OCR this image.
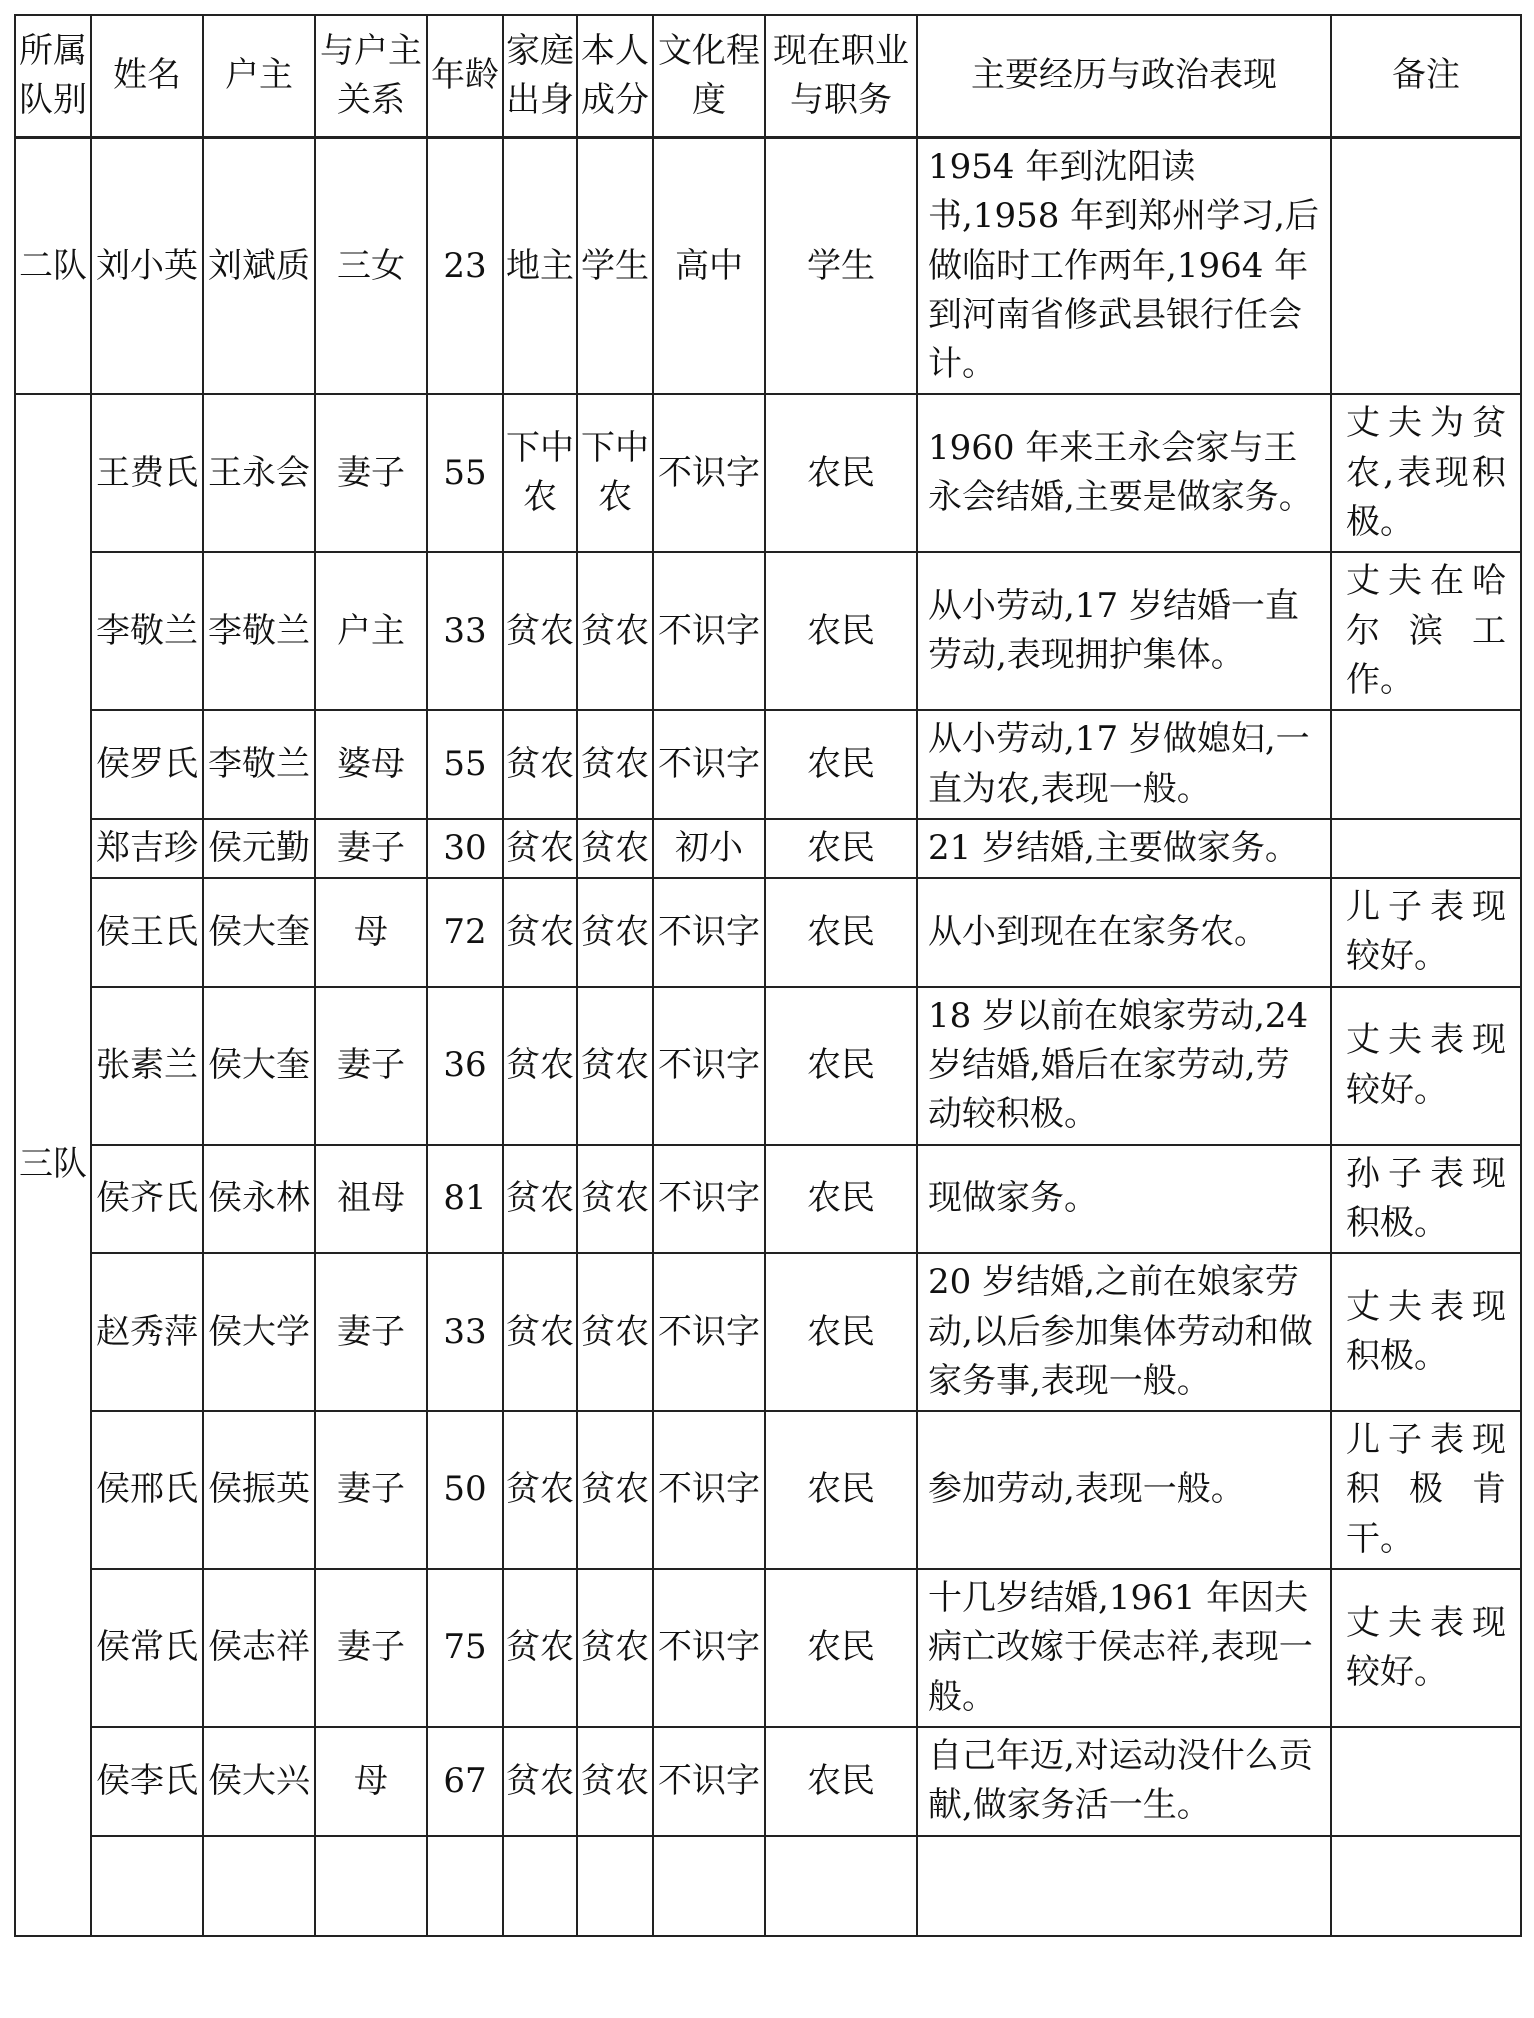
所属队别	姓名	户主	与户主关系	年龄	家庭出身	本人成分	文化程度	现在职业与职务	主要经历与政治表现	备注
二队	刘小英	刘斌质	三女	23	地主	学生	高中	学生	1954 年到沈阳读书,1958 年到郑州学习,后做临时工作两年,1964 年到河南省修武县银行任会计。	
三队	王费氏	王永会	妻子	55	下中农	下中农	不识字	农民	1960 年来王永会家与王永会结婚,主要是做家务。	丈夫为贫农,表现积极。
	李敬兰	李敬兰	户主	33	贫农	贫农	不识字	农民	从小劳动,17 岁结婚一直劳动,表现拥护集体。	丈夫在哈尔滨工作。
	侯罗氏	李敬兰	婆母	55	贫农	贫农	不识字	农民	从小劳动,17 岁做媳妇,一直为农,表现一般。	
	郑吉珍	侯元勤	妻子	30	贫农	贫农	初小	农民	21 岁结婚,主要做家务。	
	侯王氏	侯大奎	母	72	贫农	贫农	不识字	农民	从小到现在在家务农。	儿子表现较好。
	张素兰	侯大奎	妻子	36	贫农	贫农	不识字	农民	18 岁以前在娘家劳动,24 岁结婚,婚后在家劳动,劳动较积极。	丈夫表现较好。
	侯齐氏	侯永林	祖母	81	贫农	贫农	不识字	农民	现做家务。	孙子表现积极。
	赵秀萍	侯大学	妻子	33	贫农	贫农	不识字	农民	20 岁结婚,之前在娘家劳动,以后参加集体劳动和做家务事,表现一般。	丈夫表现积极。
	侯邢氏	侯振英	妻子	50	贫农	贫农	不识字	农民	参加劳动,表现一般。	儿子表现积极肯干。
	侯常氏	侯志祥	妻子	75	贫农	贫农	不识字	农民	十几岁结婚,1961 年因夫病亡改嫁于侯志祥,表现一般。	丈夫表现较好。
	侯李氏	侯大兴	母	67	贫农	贫农	不识字	农民	自己年迈,对运动没什么贡献,做家务活一生。	
